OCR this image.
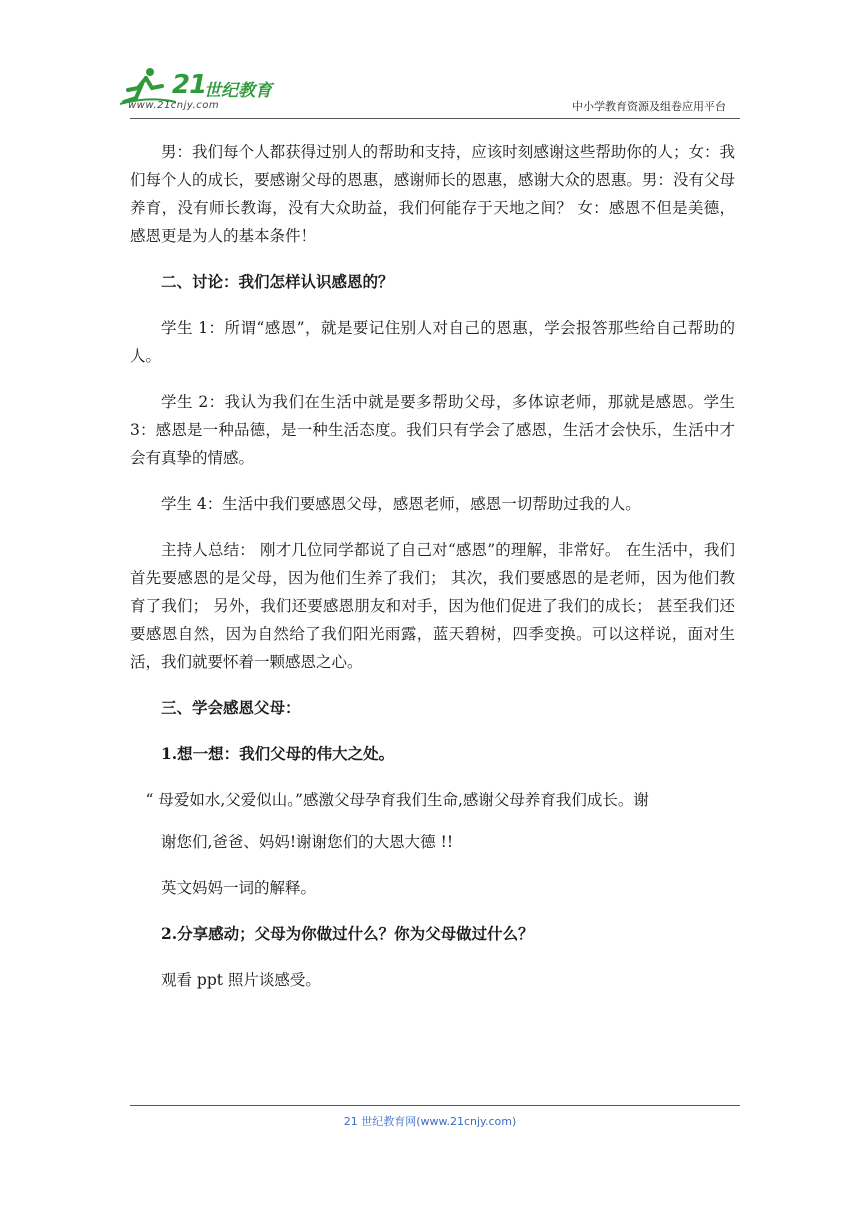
21
世纪教育
www.21cnjy.com	中小学教育资源及组卷应用平台

男：我们每个人都获得过别人的帮助和支持，应该时刻感谢这些帮助你的人；女：我们每个人的成长，要感谢父母的恩惠，感谢师长的恩惠，感谢大众的恩惠。男：没有父母养育，没有师长教诲，没有大众助益，我们何能存于天地之间？ 女：感恩不但是美德，感恩更是为人的基本条件！

二、讨论：我们怎样认识感恩的？

学生 1：所谓“感恩”，就是要记住别人对自己的恩惠，学会报答那些给自己帮助的人。

学生 2：我认为我们在生活中就是要多帮助父母，多体谅老师，那就是感恩。学生 3：感恩是一种品德，是一种生活态度。我们只有学会了感恩，生活才会快乐，生活中才会有真挚的情感。

学生 4：生活中我们要感恩父母，感恩老师，感恩一切帮助过我的人。

主持人总结： 刚才几位同学都说了自己对“感恩”的理解，非常好。 在生活中，我们首先要感恩的是父母，因为他们生养了我们； 其次，我们要感恩的是老师，因为他们教育了我们； 另外，我们还要感恩朋友和对手，因为他们促进了我们的成长； 甚至我们还要感恩自然，因为自然给了我们阳光雨露，蓝天碧树，四季变换。可以这样说，面对生活，我们就要怀着一颗感恩之心。

三、学会感恩父母：

1.想一想：我们父母的伟大之处。

“ 母爱如水,父爱似山。”感激父母孕育我们生命,感谢父母养育我们成长。谢

谢您们,爸爸、妈妈!谢谢您们的大恩大德 !!

英文妈妈一词的解释。

2.分享感动；父母为你做过什么？你为父母做过什么？

观看 ppt 照片谈感受。

21 世纪教育网(www.21cnjy.com)
